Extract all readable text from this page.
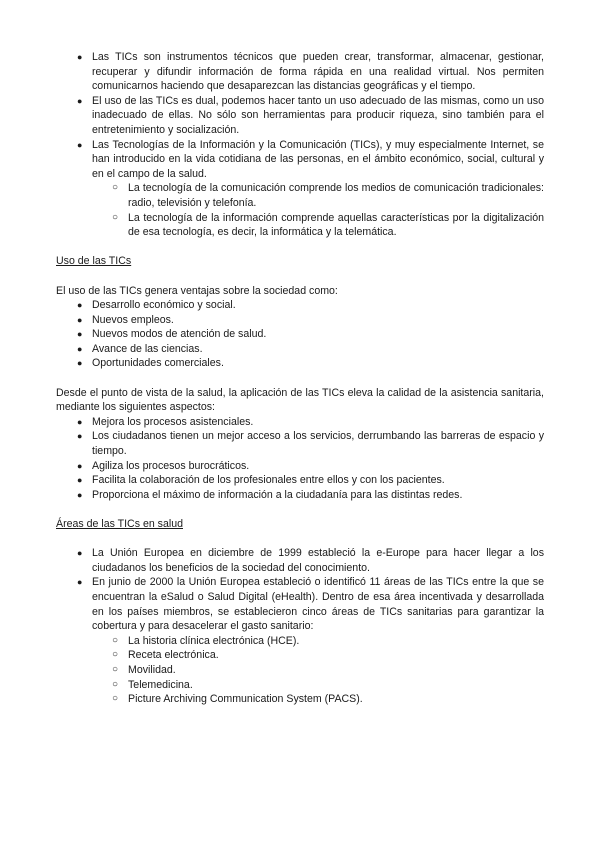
● Las TICs son instrumentos técnicos que pueden crear, transformar, almacenar, gestionar, recuperar y difundir información de forma rápida en una realidad virtual. Nos permiten comunicarnos haciendo que desaparezcan las distancias geográficas y el tiempo.
● El uso de las TICs es dual, podemos hacer tanto un uso adecuado de las mismas, como un uso inadecuado de ellas. No sólo son herramientas para producir riqueza, sino también para el entretenimiento y socialización.
● Las Tecnologías de la Información y la Comunicación (TICs), y muy especialmente Internet, se han introducido en la vida cotidiana de las personas, en el ámbito económico, social, cultural y en el campo de la salud.
○ La tecnología de la comunicación comprende los medios de comunicación tradicionales: radio, televisión y telefonía.
○ La tecnología de la información comprende aquellas características por la digitalización de esa tecnología, es decir, la informática y la telemática.

Uso de las TICs

El uso de las TICs genera ventajas sobre la sociedad como:

● Desarrollo económico y social.
● Nuevos empleos.
● Nuevos modos de atención de salud.
● Avance de las ciencias.
● Oportunidades comerciales.

Desde el punto de vista de la salud, la aplicación de las TICs eleva la calidad de la asistencia sanitaria, mediante los siguientes aspectos:

● Mejora los procesos asistenciales.
● Los ciudadanos tienen un mejor acceso a los servicios, derrumbando las barreras de espacio y tiempo.
● Agiliza los procesos burocráticos.
● Facilita la colaboración de los profesionales entre ellos y con los pacientes.
● Proporciona el máximo de información a la ciudadanía para las distintas redes.

Áreas de las TICs en salud

● La Unión Europea en diciembre de 1999 estableció la e-Europe para hacer llegar a los ciudadanos los beneficios de la sociedad del conocimiento.
● En junio de 2000 la Unión Europea estableció o identificó 11 áreas de las TICs entre la que se encuentran la eSalud o Salud Digital (eHealth). Dentro de esa área incentivada y desarrollada en los países miembros, se establecieron cinco áreas de TICs sanitarias para garantizar la cobertura y para desacelerar el gasto sanitario:
○ La historia clínica electrónica (HCE).
○ Receta electrónica.
○ Movilidad.
○ Telemedicina.
○ Picture Archiving Communication System (PACS).
